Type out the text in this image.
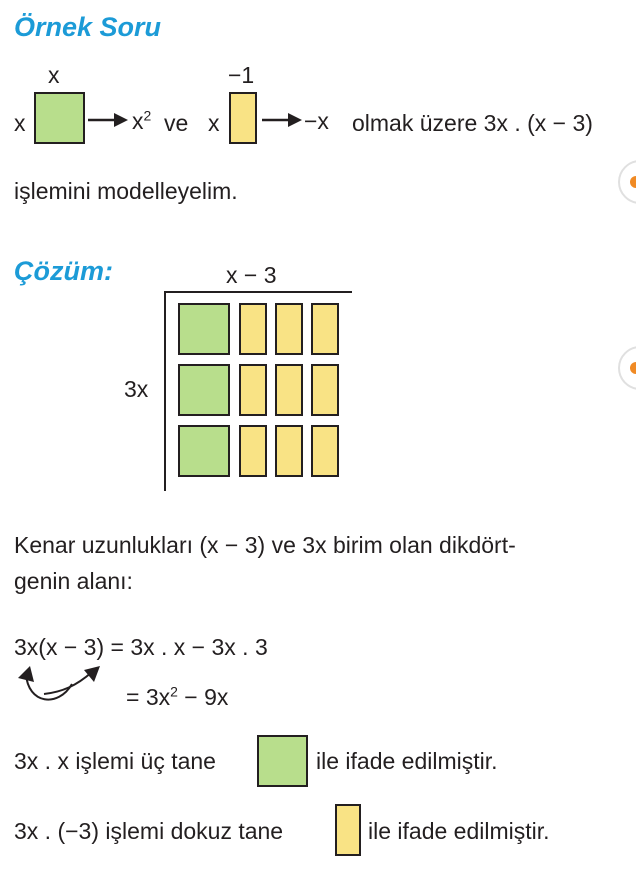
Örnek Soru
x
x	$x^2$ ve
−1
x	−x olmak üzere 3x . (x − 3)
işlemini modelleyelim.
Çözüm:	x − 3
3x
Kenar uzunlukları (x − 3) ve 3x birim olan dikdört-
genin alanı:
3x(x − 3) = 3x . x − 3x . 3
= $3x^2 - 9x$
3x . x işlemi üç tane	ile ifade edilmiştir.
3x . (−3) işlemi dokuz tane	ile ifade edilmiştir.
